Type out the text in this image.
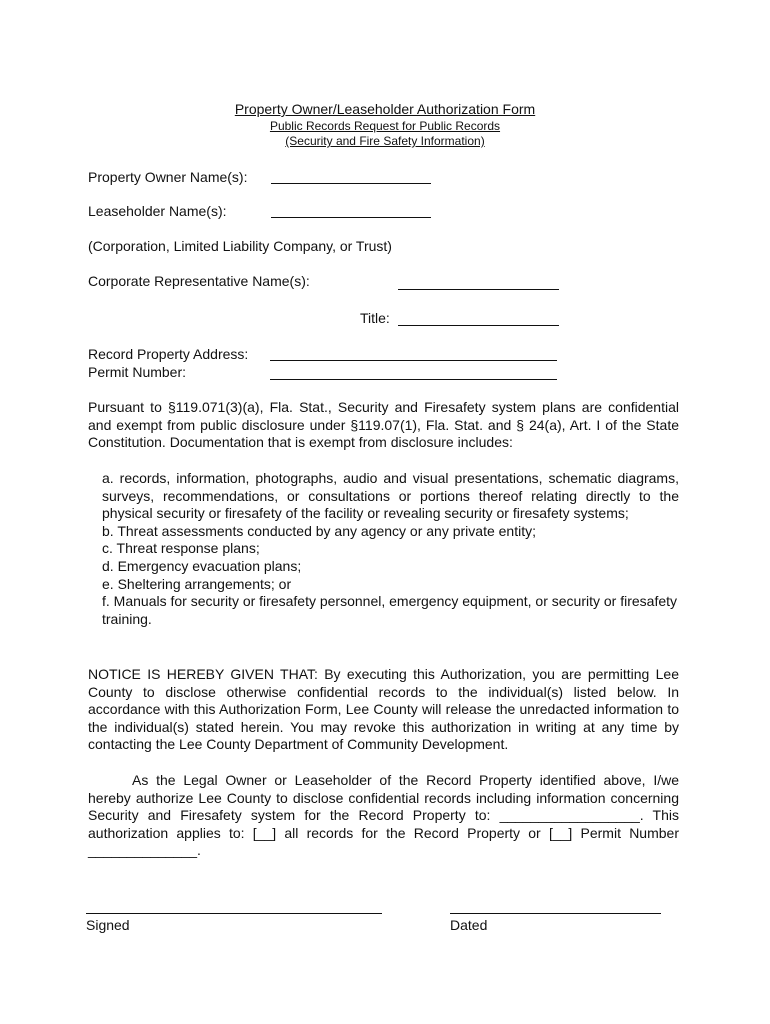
Property Owner/Leaseholder Authorization Form
Public Records Request for Public Records
(Security and Fire Safety Information)
Property Owner Name(s):
Leaseholder Name(s):
(Corporation, Limited Liability Company, or Trust)
Corporate Representative Name(s):
Title:
Record Property Address:
Permit Number:
Pursuant to §119.071(3)(a), Fla. Stat., Security and Firesafety system plans are confidential and exempt from public disclosure under §119.07(1), Fla. Stat. and § 24(a), Art. I of the State Constitution. Documentation that is exempt from disclosure includes:
a. records, information, photographs, audio and visual presentations, schematic diagrams, surveys, recommendations, or consultations or portions thereof relating directly to the physical security or firesafety of the facility or revealing security or firesafety systems;
b. Threat assessments conducted by any agency or any private entity;
c. Threat response plans;
d. Emergency evacuation plans;
e. Sheltering arrangements; or
f. Manuals for security or firesafety personnel, emergency equipment, or security or firesafety training.
NOTICE IS HEREBY GIVEN THAT: By executing this Authorization, you are permitting Lee County to disclose otherwise confidential records to the individual(s) listed below. In accordance with this Authorization Form, Lee County will release the unredacted information to the individual(s) stated herein. You may revoke this authorization in writing at any time by contacting the Lee County Department of Community Development.
As the Legal Owner or Leaseholder of the Record Property identified above, I/we hereby authorize Lee County to disclose confidential records including information concerning Security and Firesafety system for the Record Property to: __________________. This authorization applies to: [__] all records for the Record Property or [__] Permit Number ______________.
Signed	Dated
